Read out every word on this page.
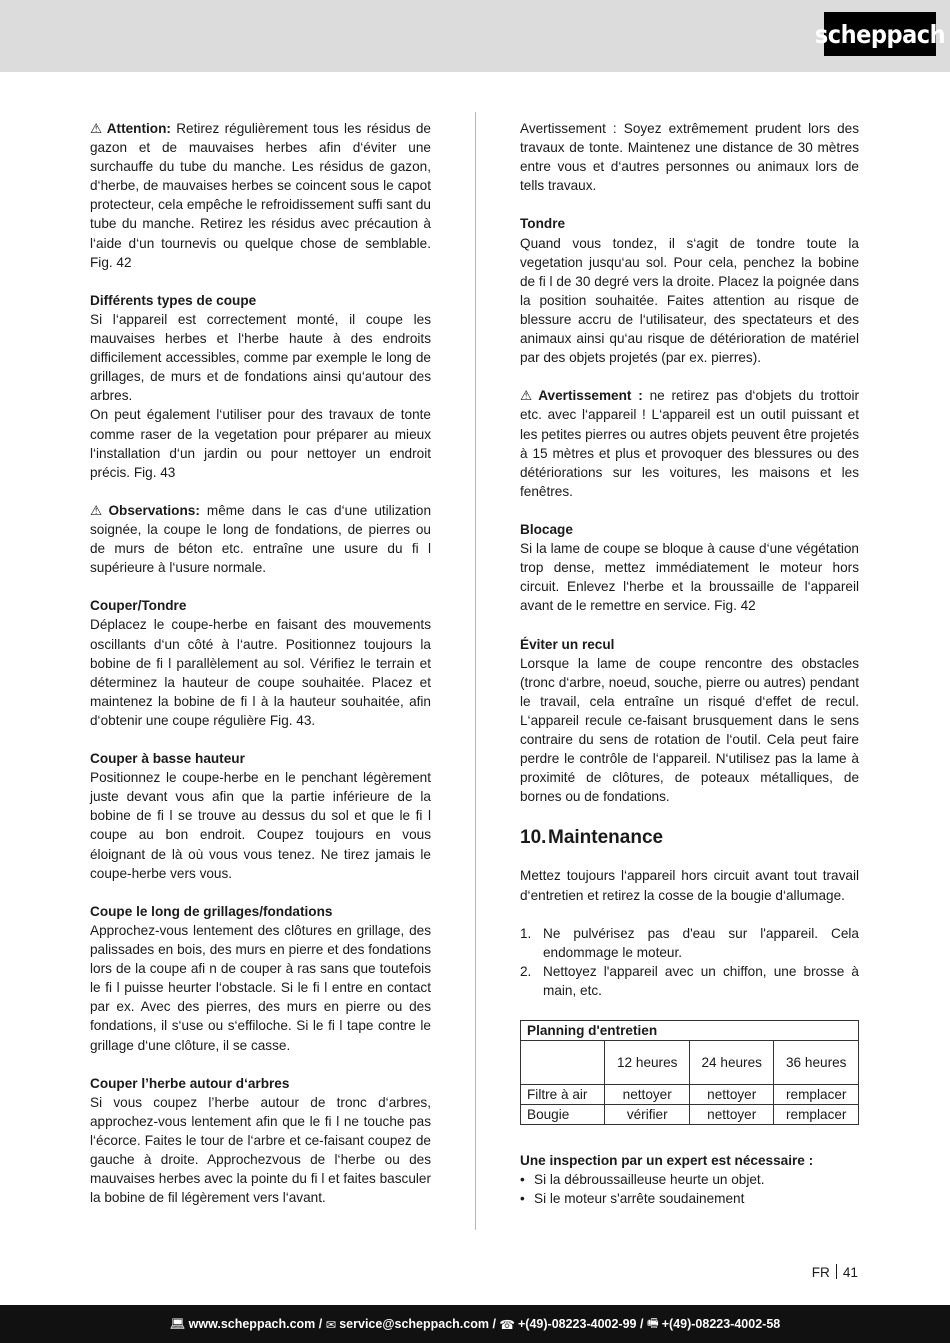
scheppach

⚠ Attention: Retirez régulièrement tous les résidus de gazon et de mauvaises herbes afin d‘éviter une surchauffe du tube du manche. Les résidus de gazon, d‘herbe, de mauvaises herbes se coincent sous le capot protecteur, cela empêche le refroidissement suffi sant du tube du manche. Retirez les résidus avec précaution à l‘aide d‘un tournevis ou quelque chose de semblable. Fig. 42

Différents types de coupe

Si l‘appareil est correctement monté, il coupe les mauvaises herbes et l‘herbe haute à des endroits difficilement accessibles, comme par exemple le long de grillages, de murs et de fondations ainsi qu‘autour des arbres.

On peut également l‘utiliser pour des travaux de tonte comme raser de la vegetation pour préparer au mieux l‘installation d‘un jardin ou pour nettoyer un endroit précis. Fig. 43

⚠ Observations: même dans le cas d‘une utilization soignée, la coupe le long de fondations, de pierres ou de murs de béton etc. entraîne une usure du fi l supérieure à l‘usure normale.

Couper/Tondre

Déplacez le coupe-herbe en faisant des mouvements oscillants d‘un côté à l‘autre. Positionnez toujours la bobine de fi l parallèlement au sol. Vérifiez le terrain et déterminez la hauteur de coupe souhaitée. Placez et maintenez la bobine de fi l à la hauteur souhaitée, afin d‘obtenir une coupe régulière Fig. 43.

Couper à basse hauteur

Positionnez le coupe-herbe en le penchant légèrement juste devant vous afin que la partie inférieure de la bobine de fi l se trouve au dessus du sol et que le fi l coupe au bon endroit. Coupez toujours en vous éloignant de là où vous vous tenez. Ne tirez jamais le coupe-herbe vers vous.

Coupe le long de grillages/fondations

Approchez-vous lentement des clôtures en grillage, des palissades en bois, des murs en pierre et des fondations lors de la coupe afi n de couper à ras sans que toutefois le fi l puisse heurter l‘obstacle. Si le fi l entre en contact par ex. Avec des pierres, des murs en pierre ou des fondations, il s‘use ou s‘effiloche. Si le fi l tape contre le grillage d‘une clôture, il se casse.

Couper l’herbe autour d‘arbres

Si vous coupez l’herbe autour de tronc d‘arbres, approchez-vous lentement afin que le fi l ne touche pas l‘écorce. Faites le tour de l‘arbre et ce-faisant coupez de gauche à droite. Approchezvous de l‘herbe ou des mauvaises herbes avec la pointe du fi l et faites basculer la bobine de fil légèrement vers l‘avant.

Avertissement : Soyez extrêmement prudent lors des travaux de tonte. Maintenez une distance de 30 mètres entre vous et d‘autres personnes ou animaux lors de tells travaux.

Tondre

Quand vous tondez, il s‘agit de tondre toute la vegetation jusqu‘au sol. Pour cela, penchez la bobine de fi l de 30 degré vers la droite. Placez la poignée dans la position souhaitée. Faites attention au risque de blessure accru de l‘utilisateur, des spectateurs et des animaux ainsi qu‘au risque de détérioration de matériel par des objets projetés (par ex. pierres).

⚠ Avertissement : ne retirez pas d‘objets du trottoir etc. avec l‘appareil ! L‘appareil est un outil puissant et les petites pierres ou autres objets peuvent être projetés à 15 mètres et plus et provoquer des blessures ou des détériorations sur les voitures, les maisons et les fenêtres.

Blocage

Si la lame de coupe se bloque à cause d‘une végétation trop dense, mettez immédiatement le moteur hors circuit. Enlevez l‘herbe et la broussaille de l‘appareil avant de le remettre en service. Fig. 42

Éviter un recul

Lorsque la lame de coupe rencontre des obstacles (tronc d‘arbre, noeud, souche, pierre ou autres) pendant le travail, cela entraîne un risqué d‘effet de recul. L‘appareil recule ce-faisant brusquement dans le sens contraire du sens de rotation de l‘outil. Cela peut faire perdre le contrôle de l‘appareil. N‘utilisez pas la lame à proximité de clôtures, de poteaux métalliques, de bornes ou de fondations.

10.Maintenance

Mettez toujours l‘appareil hors circuit avant tout travail d‘entretien et retirez la cosse de la bougie d‘allumage.

1. Ne pulvérisez pas d'eau sur l'appareil. Cela endommage le moteur.
2. Nettoyez l'appareil avec un chiffon, une brosse à main, etc.
Planning d'entretien			
	12 heures	24 heures	36 heures
Filtre à air	nettoyer	nettoyer	remplacer
Bougie	vérifier	nettoyer	remplacer

Une inspection par un expert est nécessaire :

• Si la débroussailleuse heurte un objet.
• Si le moteur s'arrête soudainement
FR 41
💻︎ www.scheppach.com /
✉︎ service@scheppach.com /
☎︎ +(49)-08223-4002-99 /
🖷︎ +(49)-08223-4002-58
